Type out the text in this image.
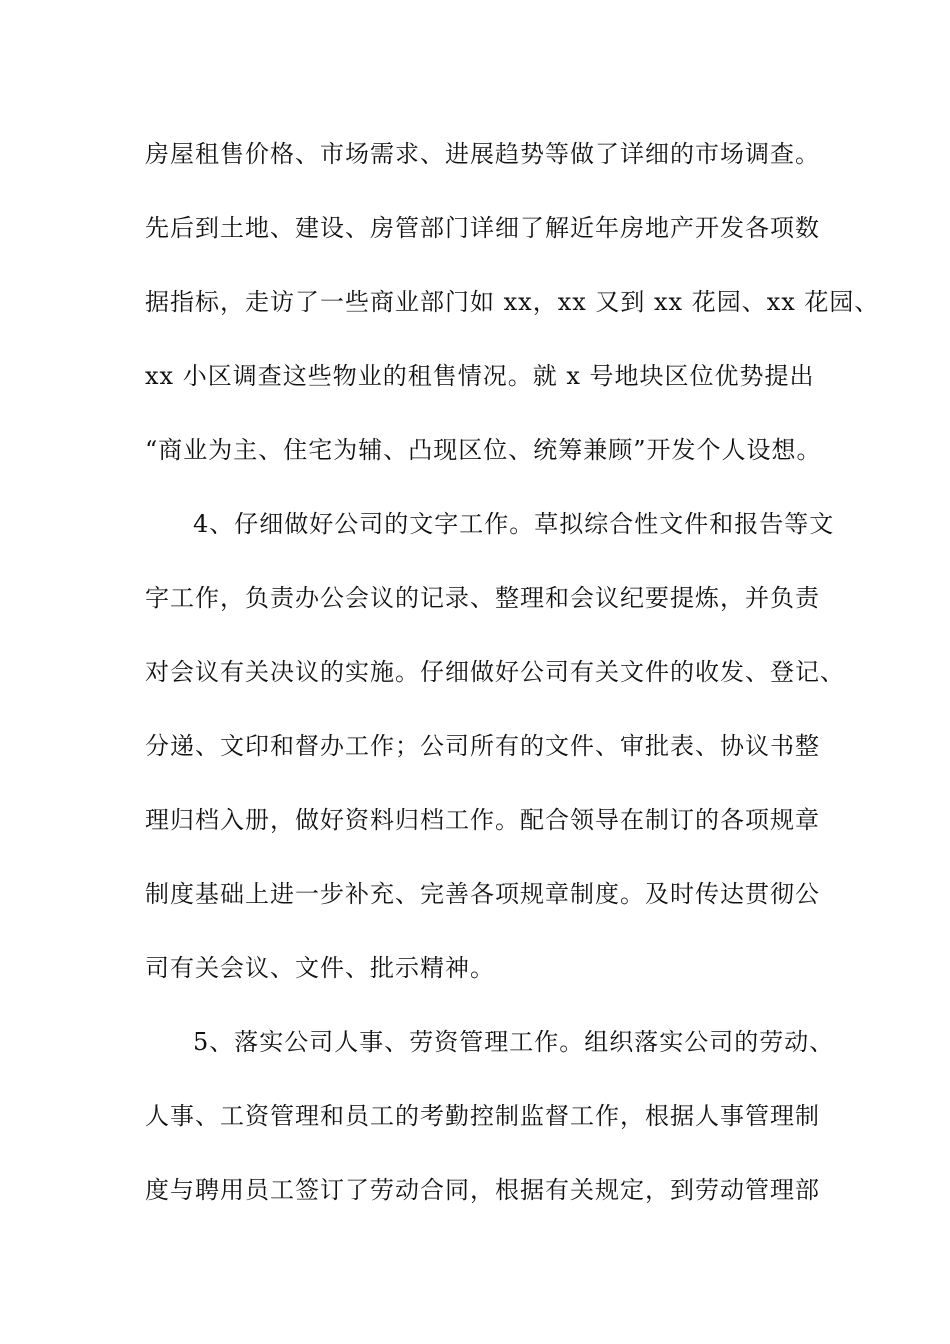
房屋租售价格、市场需求、进展趋势等做了详细的市场调查。
先后到土地、建设、房管部门详细了解近年房地产开发各项数
据指标，走访了一些商业部门如 xx，xx 又到 xx 花园、xx 花园、
xx 小区调查这些物业的租售情况。就 x 号地块区位优势提出
“商业为主、住宅为辅、凸现区位、统筹兼顾”开发个人设想。
4、仔细做好公司的文字工作。草拟综合性文件和报告等文
字工作，负责办公会议的记录、整理和会议纪要提炼，并负责
对会议有关决议的实施。仔细做好公司有关文件的收发、登记、
分递、文印和督办工作；公司所有的文件、审批表、协议书整
理归档入册，做好资料归档工作。配合领导在制订的各项规章
制度基础上进一步补充、完善各项规章制度。及时传达贯彻公
司有关会议、文件、批示精神。
5、落实公司人事、劳资管理工作。组织落实公司的劳动、
人事、工资管理和员工的考勤控制监督工作，根据人事管理制
度与聘用员工签订了劳动合同，根据有关规定，到劳动管理部
